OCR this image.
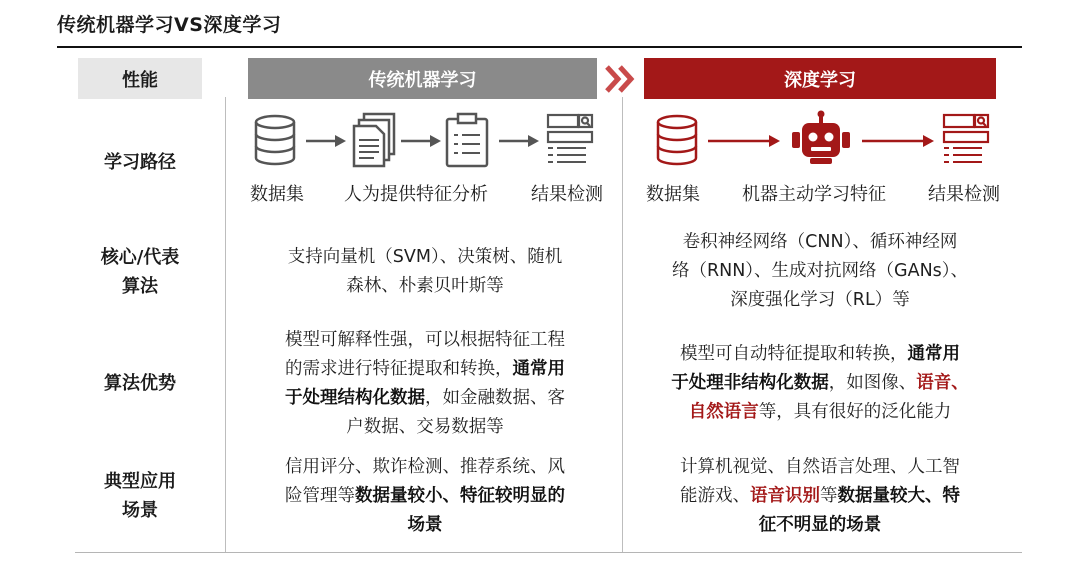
传统机器学习VS深度学习
性能	传统机器学习	深度学习
学习路径
核心/代表
算法
算法优势
典型应用
场景
数据集 人为提供特征分析 结果检测 数据集 机器主动学习特征 结果检测
支持向量机（SVM）、决策树、随机
森林、朴素贝叶斯等
卷积神经网络（CNN）、循环神经网
络（RNN）、生成对抗网络（GANs）、
深度强化学习（RL）等
模型可解释性强，可以根据特征工程
的需求进行特征提取和转换，通常用
于处理结构化数据，如金融数据、客
户数据、交易数据等
模型可自动特征提取和转换，通常用
于处理非结构化数据，如图像、语音、
自然语言等，具有很好的泛化能力
信用评分、欺诈检测、推荐系统、风
险管理等数据量较小、特征较明显的
场景
计算机视觉、自然语言处理、人工智
能游戏、语音识别等数据量较大、特
征不明显的场景
